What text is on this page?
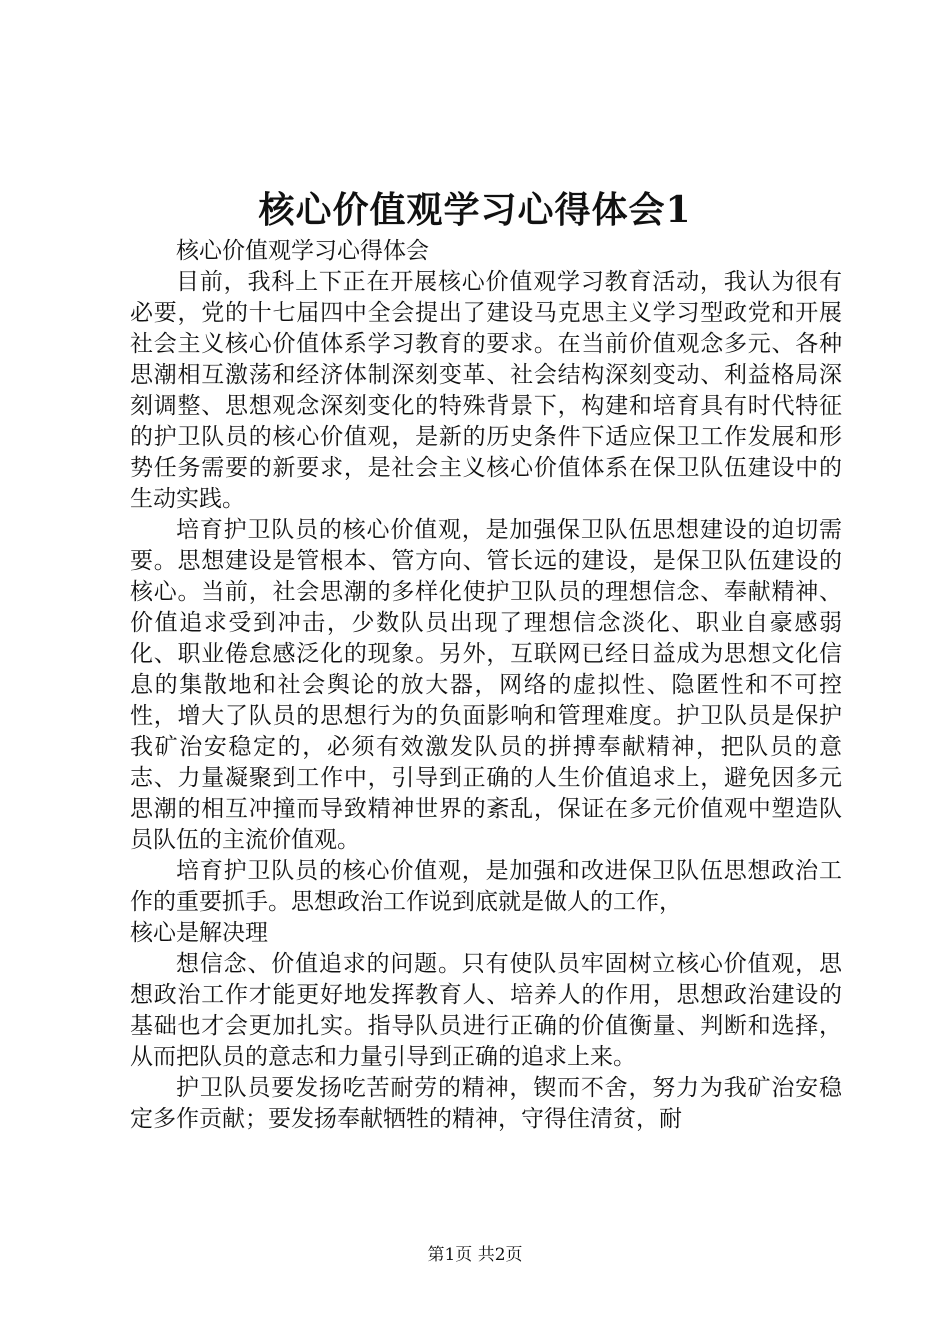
核心价值观学习心得体会1

核心价值观学习心得体会

目前，我科上下正在开展核心价值观学习教育活动，我认为很有必要，党的十七届四中全会提出了建设马克思主义学习型政党和开展社会主义核心价值体系学习教育的要求。在当前价值观念多元、各种思潮相互激荡和经济体制深刻变革、社会结构深刻变动、利益格局深刻调整、思想观念深刻变化的特殊背景下，构建和培育具有时代特征的护卫队员的核心价值观，是新的历史条件下适应保卫工作发展和形势任务需要的新要求，是社会主义核心价值体系在保卫队伍建设中的生动实践。

培育护卫队员的核心价值观，是加强保卫队伍思想建设的迫切需要。思想建设是管根本、管方向、管长远的建设，是保卫队伍建设的核心。当前，社会思潮的多样化使护卫队员的理想信念、奉献精神、价值追求受到冲击，少数队员出现了理想信念淡化、职业自豪感弱化、职业倦怠感泛化的现象。另外，互联网已经日益成为思想文化信息的集散地和社会舆论的放大器，网络的虚拟性、隐匿性和不可控性，增大了队员的思想行为的负面影响和管理难度。护卫队员是保护我矿治安稳定的，必须有效激发队员的拼搏奉献精神，把队员的意志、力量凝聚到工作中，引导到正确的人生价值追求上，避免因多元思潮的相互冲撞而导致精神世界的紊乱，保证在多元价值观中塑造队员队伍的主流价值观。

培育护卫队员的核心价值观，是加强和改进保卫队伍思想政治工作的重要抓手。思想政治工作说到底就是做人的工作，

核心是解决理

想信念、价值追求的问题。只有使队员牢固树立核心价值观，思想政治工作才能更好地发挥教育人、培养人的作用，思想政治建设的基础也才会更加扎实。指导队员进行正确的价值衡量、判断和选择，从而把队员的意志和力量引导到正确的追求上来。

护卫队员要发扬吃苦耐劳的精神，锲而不舍，努力为我矿治安稳定多作贡献；要发扬奉献牺牲的精神，守得住清贫，耐

第1页 共2页
